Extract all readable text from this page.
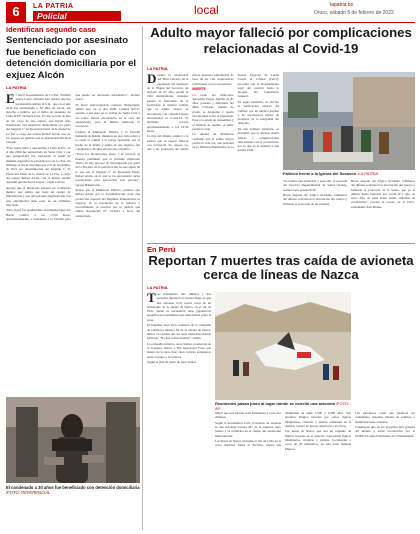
6	LA PATRIA
Policial	local	lapatria.bo
Oruro, sábado 5 de febrero de 2022
Identifican segundo caso
Sentenciado por asesinato fue beneficiado con detención domiciliaria por el exjuez Alcón
LA PATRIA

El fiscal departamental de La Paz, William Alave Laura, informó este viernes que fue aprehendido Rubén O.C.Q., que en el año 2016 fue sentenciado a 30 años de cárcel, sin derecho a indulto, por el delito de asesinato de Cielo R.P.V. en Santa Cruz. El caso se trata de uno de los casos de este exjuez, que habría sido beneficiado con detención domiciliaria por parte del Juzgado 1° de Ejecución Penal de la ciudad de La Paz a cargo del exjuez Rafael Alcón, uno de los autores en quienes que el sentenciado Richard Choque.

"Este sujeto mató y descuartizó a Cielo R.P.V., en el año 2006 fue sentenciado en Santa Cruz y por una peligrosidad fue trasladado al penal de máxima seguridad de Chonchocoro de La Paz, sin embargo el fiscal investigó que el 6 de noviembre de 2021 por determinación del Juzgado 1° de Ejecución Penal de la ciudad de La Paz, a cargo del exjuez Rafael Alcón, con el mismo modus operandi que Richard Choque", explicó Alave.

Agregó que el implicado pasaron un certificado médico que señala que tiene un cuadro de fibromatosis y que una persona diagnosticada con esta enfermedad debe estar en un ambiente adecuado.

"Hoy (ayer) fue aprehendido en inmediaciones del Barrio Gráfico a las 17:00 horas, aproximadamente, y trasladado a la Fiscalía para que pueda ser declarado informativo", declaró Alave.

El fiscal anticorrupción, Gustavo Balderrama, señaló que, en el año 2006, Carmen R.P.V., asesinó a una lista en la ciudad de Santa Cruz y los restos fueron encontrados en la casa del sentenciado, pero el mismo sindicado lo reconoció.

Cuando el Ministerio Público y la Fiscalía demanda de Rubén, mientras en otro lado relató a la celda el crimen y la pareja descubrió que el hecho de la madre y prima de sus órganos, fue condenado a 30 años sin derecho a indulto.

"Estos los involucrados ahora y se conoció de manera preliminar que el presunto implicado dentro de este proceso de investigación por parte de la Fiscalía, de la participación de este sujeto en lo que era el Juzgado 1° de Ejecución Penal, Rafael Alcón, en el cual se vio encontrado varias resoluciones para aprovechar este proceso", agregó Balderrama.

Indicó que el Ministerio Público, primero que Rafael Alcón, por la documentación, tiene una protección especial del Régimen Penitenciario al respecto de la resolución de la judicial y procedimiento al resolver por la justicia que emitió Resolución N° 14/2021 a favor del sentenciado.

El condenado a 30 años fue beneficiado con detención domiciliaria /FOTO: REFERENCIAL
Adulto mayor falleció por complicaciones relacionadas al Covid-19
LA PATRIA

Durante la celebración del Mini Calvario en la explanada del Santuario de la Virgen del Socavón, un anciano de 87 años perdió la vida abruptamente mientras pasaba la festividad, de la festividad, el médico señalar que el adulto mayor se encontraba con complicaciones relacionadas al Covid-19. El incidente ocurrió aproximadamente a las 16:30 horas.

La hija del difunto explicó a la policía que su esposo falleció con Covid-19. Su esposa ya, que a las poderosos del adulto mayor presentó enfermedad de base de las vías respiratorias, relacionada con el coronavirus.

MUERTE

La tarde del miércoles, Sebastián Vargas Aguilar de 87 años, paseaba y disfrutaba del Mini Calvario, cuando de pronto se desplomó y quedó inconsciente sobre la explanada. Pese a la ayuda de transeúntes y el llamado de auxilio, el señor perdió la vida.

La unidad de Bomberos confirmó que el adulto mayor perdió la vida por, que personal de la División Homicidios de la Fuerza Especial de Lucha Contra el Crimen (Felcc), procedió con el levantamiento legal del cadáver hasta la morgue del Cementerio General.

En aquel momento, se efectuó la verificación externa del cadáver, por un médico forense y no encontraron signos de violencia en la integridad del fallecido.

En una primera instancia, se presumió que el anciano murió debido a complicaciones relacionadas con el coronavirus, por lo que se le sometió a una prueba PCR.

Falleció frente a la Iglesia del Socavón /LA PATRIA

"Se realizó una entrevista y para ello, el personal del Servicio Departamental de Salud (Sedes), realizó a una prueba PCR.

Horas después del trágico incidente, familiares del difunto solicitaron la devolución del cuerpo y firmaron el protocolo de las pruebas.

Horas después del trágico incidente, familiares del difunto solicitaron la devolución del cuerpo y firmaron el protocolo de la Sedes, que ya el difunto había fallecido por Covid-19 y que, en estos días, su papá había tenido síntomas de coronavirus", precisó el vocero de la Felcc, subteniente José Matías.

En Perú
Reportan 7 muertes tras caída de avioneta cerca de líneas de Nazca
LA PATRIA

Tres holandeses, dos chilenos y dos peruanos murieron el viernes luego de que una avioneta civil cayera cerca de un aeródromo de la ciudad de Nazca, en el sur de Perú, donde se encuentran unas gigantescas geoglifos precolombinos que sobrevuelan sobre la zona.

El brigadier Juan Tizó, bombero de la compañía de bomberos número 82 de la ciudad de Nazca, indicó a la prensa que los siete tripulantes habían fallecido. "No hay sobrevivientes", señaló.

La compañía turística, Aero Santos, propietaria de la avioneta, indicó a The Associated Press que dentro de la nave iban cinco turistas extranjeros parte al grupo y los pilotos.

Según el plan de vuelo de Aero Santos

Residentes pasan junto al lugar donde se estrelló una avioneta /FOTO: AP

indicó que tres turistas eran holandeses y otros dos chilenos.

Según la Aeronáutica Civil, el modelo de avioneta es una avioneta Cessna 207 de la empresa Aero Santos y se estrellaba en el campo del aeródromo María Reiche.

Las líneas de Nazca, ubicadas al Sur de Lima en la costa desértica frente al Pacífico, tienen una antigüedad de entre 1.500 y 2.000 años. Son enormes dibujos trazados por varios figuras imaginarias, criaturas y plantas realizadas en el desierto costero en épocas anteriores a los Incas,

Las líneas de Nazca, que son un conjunto de figuras trazadas en el desierto, representan figuras imaginarias, criaturas y plantas. Localizadas a cerca de 20 kilómetros, en una zona llamada Majoro.

Los estudiosos creen que pudieron ser calendarios, sistemas rituales de caminos o manifestaciones artísticas.

Construyen uno de los geoglifos más grandes del mundo y están reconocidos por la UNESCO como Patrimonio de la Humanidad.
